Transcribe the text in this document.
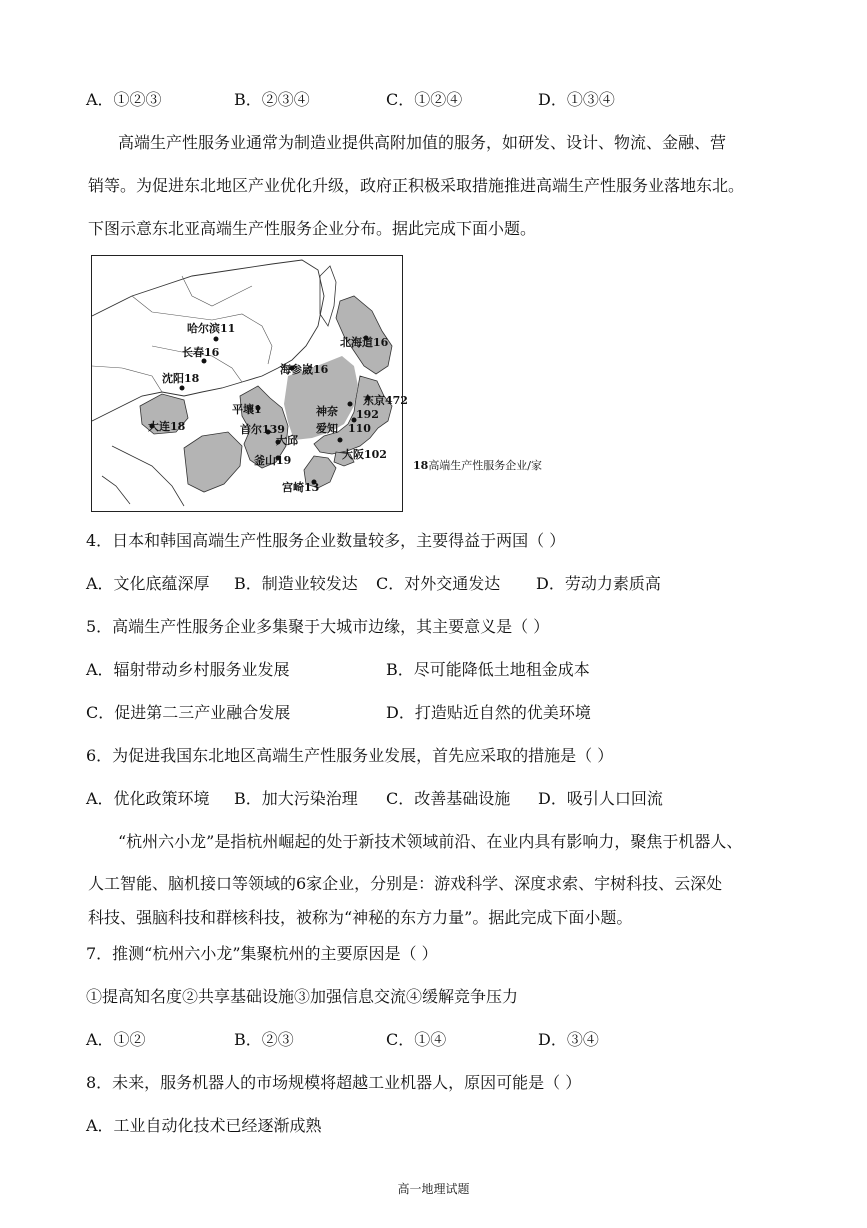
A．①②③	B．②③④	C．①②④	D．①③④
高端生产性服务业通常为制造业提供高附加值的服务，如研发、设计、物流、金融、营
销等。为促进东北地区产业优化升级，政府正积极采取措施推进高端生产性服务业落地东北。
下图示意东北亚高端生产性服务企业分布。据此完成下面小题。
哈尔滨11
长春16
沈阳18
北海道16
海参崴16
平壤1
大连18	首尔139
大邱
釜山19
宫崎13
神奈
爱知
东京472
192
110
大阪102
18高端生产性服务企业/家
4．日本和韩国高端生产性服务企业数量较多，主要得益于两国（ ）
A．文化底蕴深厚 B．制造业较发达 C．对外交通发达 D．劳动力素质高
5．高端生产性服务企业多集聚于大城市边缘，其主要意义是（ ）
A．辐射带动乡村服务业发展	B．尽可能降低土地租金成本
C．促进第二三产业融合发展	D．打造贴近自然的优美环境
6．为促进我国东北地区高端生产性服务业发展，首先应采取的措施是（ ）
A．优化政策环境 B．加大污染治理 C．改善基础设施 D．吸引人口回流
“杭州六小龙”是指杭州崛起的处于新技术领域前沿、在业内具有影响力，聚焦于机器人、
人工智能、脑机接口等领域的6家企业，分别是：游戏科学、深度求索、宇树科技、云深处
科技、强脑科技和群核科技，被称为“神秘的东方力量”。据此完成下面小题。
7．推测“杭州六小龙”集聚杭州的主要原因是（ ）
①提高知名度②共享基础设施③加强信息交流④缓解竞争压力
A．①②	B．②③	C．①④	D．③④
8．未来，服务机器人的市场规模将超越工业机器人，原因可能是（ ）
A．工业自动化技术已经逐渐成熟
高一地理试题
